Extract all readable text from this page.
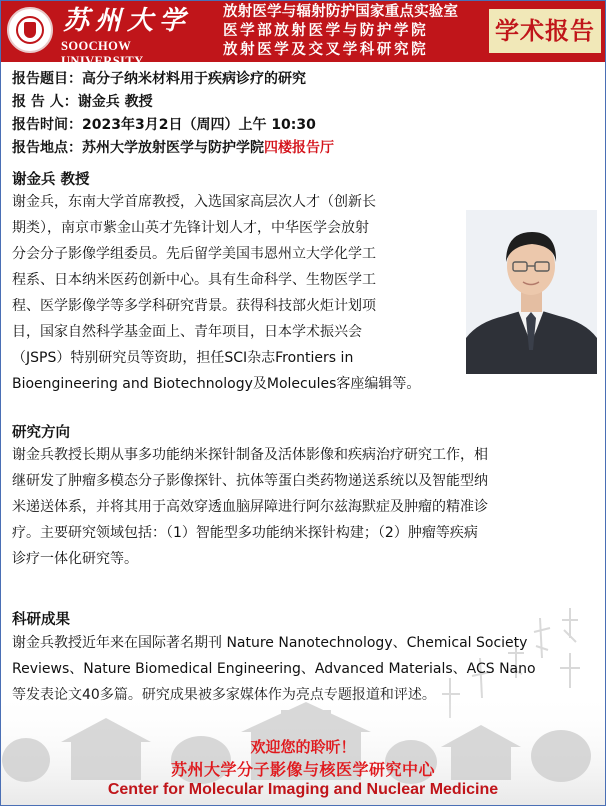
苏州大学
SOOCHOW UNIVERSITY
放射医学与辐射防护国家重点实验室
医学部放射医学与防护学院
放射医学及交叉学科研究院
学术报告
报告题目：高分子纳米材料用于疾病诊疗的研究
报 告 人：谢金兵 教授
报告时间：2023年3月2日（周四）上午 10:30
报告地点：苏州大学放射医学与防护学院四楼报告厅
谢金兵 教授
谢金兵，东南大学首席教授，入选国家高层次人才（创新长
期类），南京市紫金山英才先锋计划人才，中华医学会放射
分会分子影像学组委员。先后留学美国韦恩州立大学化学工
程系、日本纳米医药创新中心。具有生命科学、生物医学工
程、医学影像学等多学科研究背景。获得科技部火炬计划项
目，国家自然科学基金面上、青年项目，日本学术振兴会
（JSPS）特别研究员等资助，担任SCI杂志Frontiers in
Bioengineering and Biotechnology及Molecules客座编辑等。
研究方向
谢金兵教授长期从事多功能纳米探针制备及活体影像和疾病治疗研究工作，相
继研发了肿瘤多模态分子影像探针、抗体等蛋白类药物递送系统以及智能型纳
米递送体系，并将其用于高效穿透血脑屏障进行阿尔兹海默症及肿瘤的精准诊
疗。主要研究领域包括：（1）智能型多功能纳米探针构建；（2）肿瘤等疾病
诊疗一体化研究等。
科研成果
谢金兵教授近年来在国际著名期刊 Nature Nanotechnology、Chemical Society
Reviews、Nature Biomedical Engineering、Advanced Materials、ACS Nano
欢迎您的聆听！
苏州大学分子影像与核医学研究中心
Center for Molecular Imaging and Nuclear Medicine
